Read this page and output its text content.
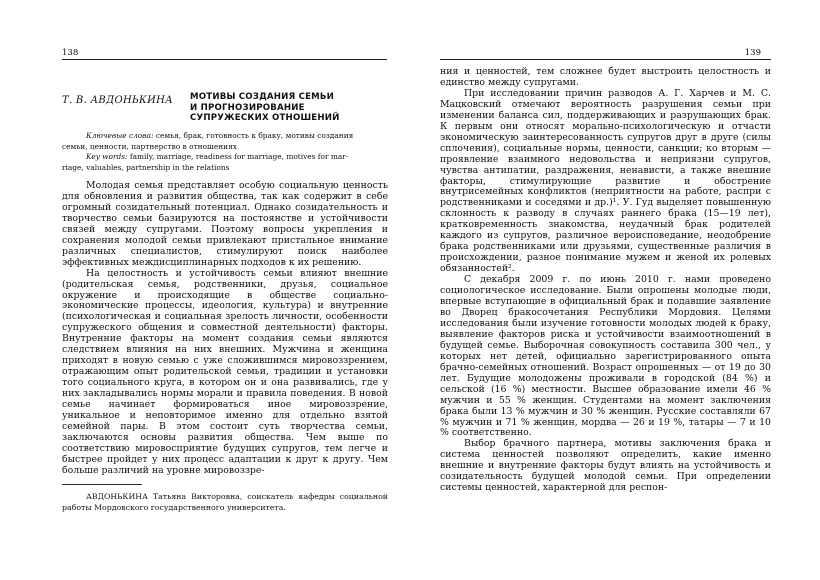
138
Т. В. АВДОНЬКИНА МОТИВЫ СОЗДАНИЯ СЕМЬИ
И ПРОГНОЗИРОВАНИЕ
СУПРУЖЕСКИХ ОТНОШЕНИЙ
Ключевые слова: семья, брак, готовность к браку, мотивы создания
семьи, ценности, партнерство в отношениях
Key words: family, marriage, readiness for marriage, motives for mar-
riage, valuables, partnership in the relations

Молодая семья представляет особую социальную ценность для обновления и развития общества, так как содержит в себе огромный созидательный потенциал. Однако созидательность и творчество семьи базируются на постоянстве и устойчивости связей между супругами. Поэтому вопросы укрепления и сохранения молодой семьи привлекают пристальное внимание различных специалистов, стимулируют поиск наиболее эффективных междисциплинарных подходов к их решению.

На целостность и устойчивость семьи влияют внешние (родительская семья, родственники, друзья, социальное окружение и происходящие в обществе социально-экономические процессы, идеология, культура) и внутренние (психологическая и социальная зрелость личности, особенности супружеского общения и совместной деятельности) факторы. Внутренние факторы на момент создания семьи являются следствием влияния на них внешних. Мужчина и женщина приходят в новую семью с уже сложившимся мировоззрением, отражающим опыт родительской семьи, традиции и установки того социального круга, в котором он и она развивались, где у них закладывались нормы морали и правила поведения. В новой семье начинает формироваться иное мировоззрение, уникальное и неповторимое именно для отдельно взятой семейной пары. В этом состоит суть творчества семьи, заключаются основы развития общества. Чем выше по соответствию мировосприятие будущих супругов, тем легче и быстрее пройдет у них процесс адаптации к друг к другу. Чем больше различий на уровне мировоззре-

АВДОНЬКИНА Татьяна Викторовна, соискатель кафедры социальной работы Мордовского государственного университета.

139

ния и ценностей, тем сложнее будет выстроить целостность и единство между супругами.

При исследовании причин разводов А. Г. Харчев и М. С. Мацковский отмечают вероятность разрушения семьи при изменении баланса сил, поддерживающих и разрушающих брак. К первым они относят морально-психологическую и отчасти экономическую заинтересованность супругов друг в друге (силы сплочения), социальные нормы, ценности, санкции; ко вторым — проявление взаимного недовольства и неприязни супругов, чувства антипатии, раздражения, ненависти, а также внешние факторы, стимулирующие развитие и обострение внутрисемейных конфликтов (неприятности на работе, распри с родственниками и соседями и др.)¹. У. Гуд выделяет повышенную склонность к разводу в случаях раннего брака (15—19 лет), кратковременность знакомства, неудачный брак родителей каждого из супругов, различное вероисповедание, неодобрение брака родственниками или друзьями, существенные различия в происхождении, разное понимание мужем и женой их ролевых обязанностей².

С декабря 2009 г. по июнь 2010 г. нами проведено социологическое исследование. Были опрошены молодые люди, впервые вступающие в официальный брак и подавшие заявление во Дворец бракосочетания Республики Мордовия. Целями исследования были изучение готовности молодых людей к браку, выявление факторов риска и устойчивости взаимоотношений в будущей семье. Выборочная совокупность составила 300 чел., у которых нет детей, официально зарегистрированного опыта брачно-семейных отношений. Возраст опрошенных — от 19 до 30 лет. Будущие молодожены проживали в городской (84 %) и сельской (16 %) местности. Высшее образование имели 46 % мужчин и 55 % женщин. Студентами на момент заключения брака были 13 % мужчин и 30 % женщин. Русские составляли 67 % мужчин и 71 % женщин, мордва — 26 и 19 %, татары — 7 и 10 % соответственно.

Выбор брачного партнера, мотивы заключения брака и система ценностей позволяют определить, какие именно внешние и внутренние факторы будут влиять на устойчивость и созидательность будущей молодой семьи. При определении системы ценностей, характерной для респон-
